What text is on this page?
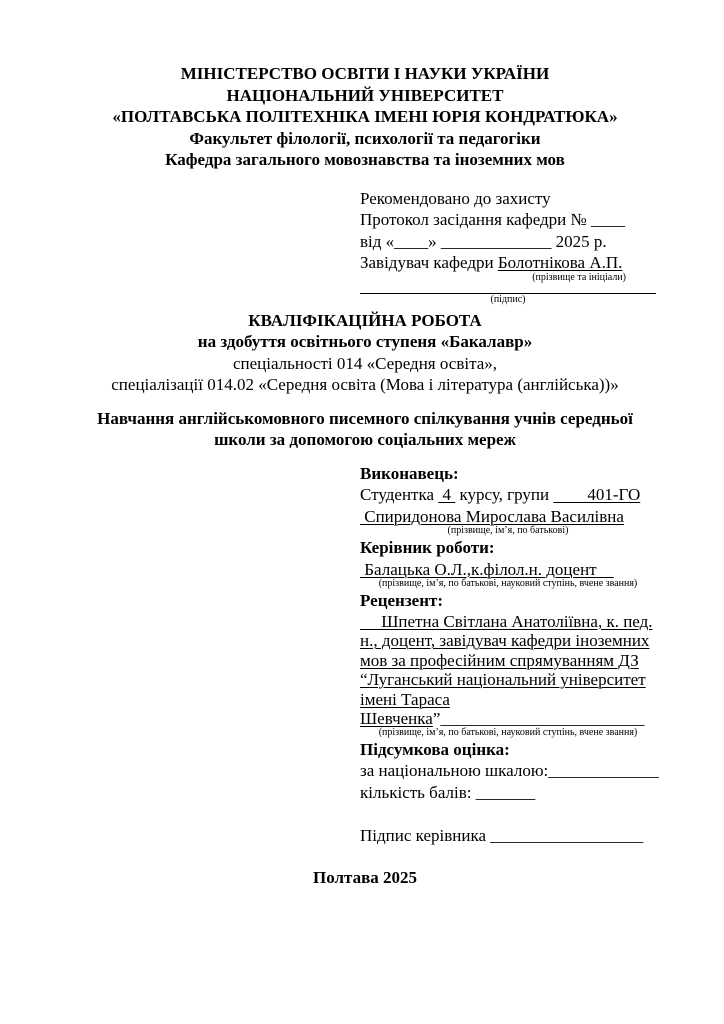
МІНІСТЕРСТВО ОСВІТИ І НАУКИ УКРАЇНИ
НАЦІОНАЛЬНИЙ УНІВЕРСИТЕТ
«ПОЛТАВСЬКА ПОЛІТЕХНІКА ІМЕНІ ЮРІЯ КОНДРАТЮКА»
Факультет філології, психології та педагогіки
Кафедра загального мовознавства та іноземних мов
Рекомендовано до захисту
Протокол засідання кафедри № ____
від «____» _____________ 2025 р.
Завідувач кафедри Болотнікова А.П.
(прізвище та ініціали)
(підпис)
КВАЛІФІКАЦІЙНА РОБОТА
на здобуття освітнього ступеня «Бакалавр»
спеціальності 014 «Середня освіта»,
спеціалізації 014.02 «Середня освіта (Мова і література (англійська))»
Навчання англійськомовного писемного спілкування учнів середньої
школи за допомогою соціальних мереж
Виконавець:
Студентка  4  курсу, групи         401-ГО
Спиридонова Мирослава Василівна
(прізвище, ім’я, по батькові)
Керівник роботи:
Балацька О.Л.,к.філол.н. доцент
(прізвище, ім’я, по батькові, науковий ступінь, вчене звання)
Рецензент:
Шпетна Світлана Анатоліївна, к. пед.
н., доцент, завідувач кафедри іноземних
мов за професійним спрямуванням ДЗ
“Луганський національний університет
імені Тараса
Шевченка”________________________
(прізвище, ім’я, по батькові, науковий ступінь, вчене звання)
Підсумкова оцінка:
за національною шкалою:_____________
кількість балів: _______
Підпис керівника __________________
Полтава 2025
